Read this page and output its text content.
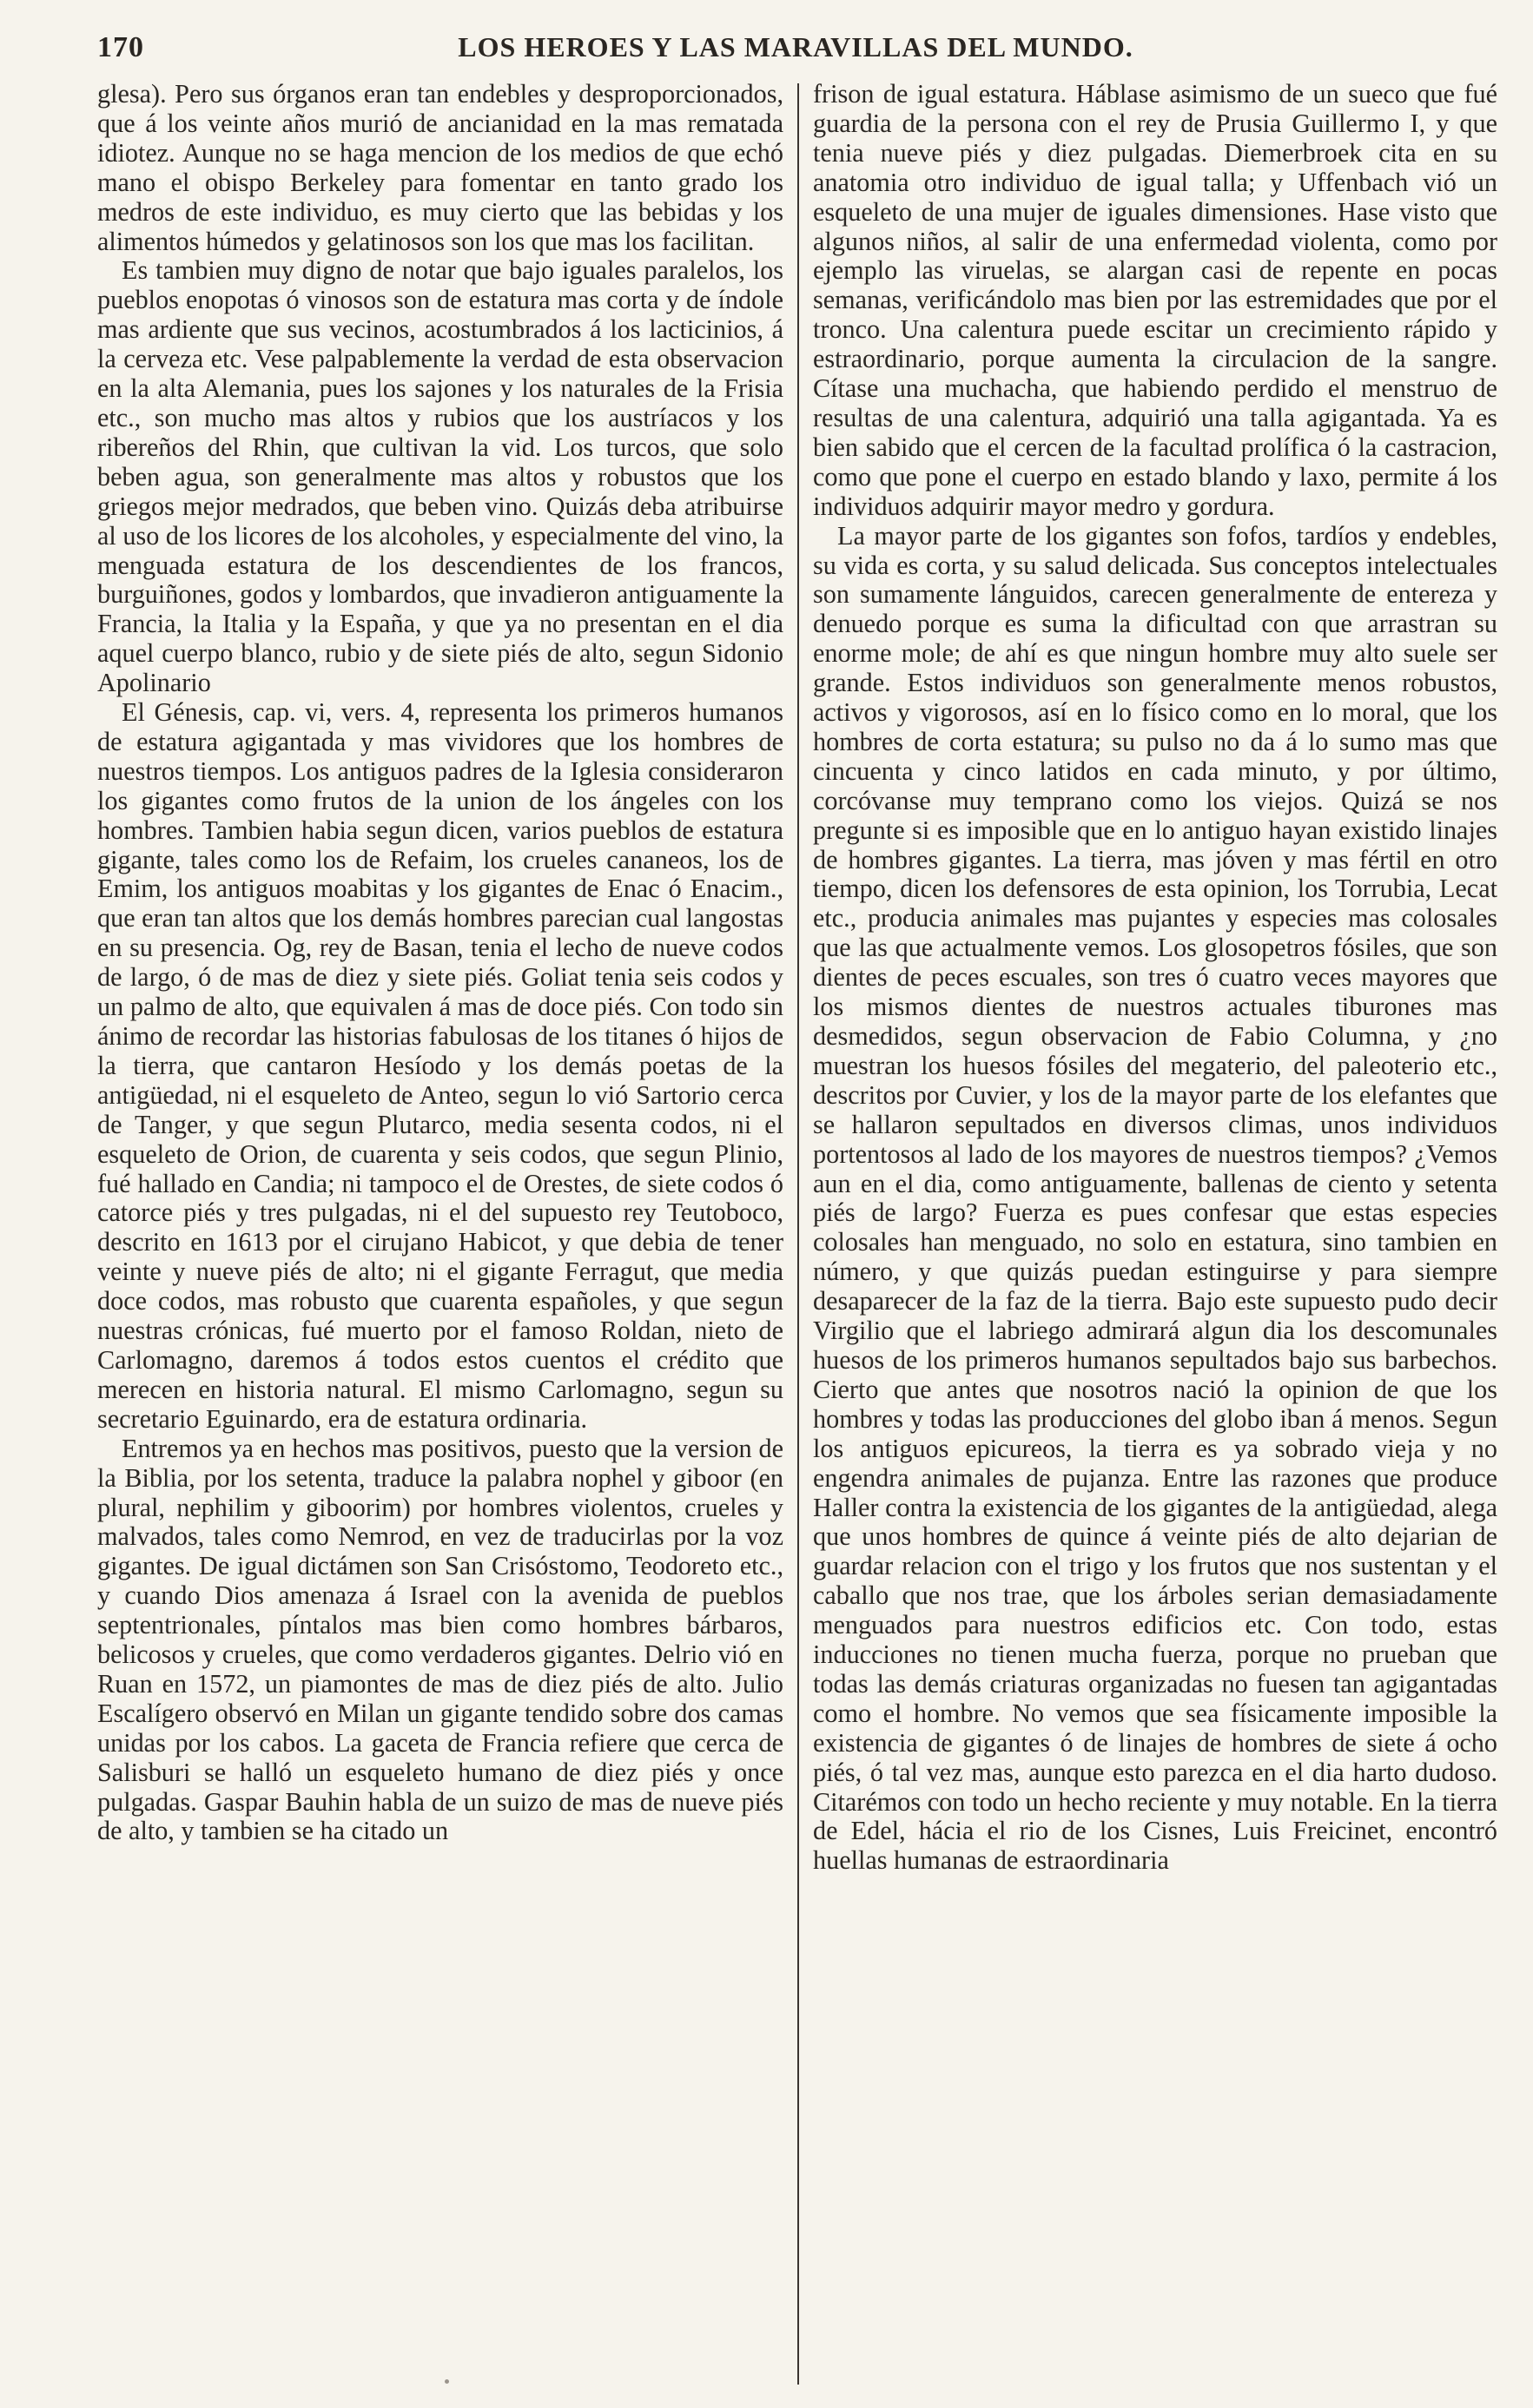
170	LOS HEROES Y LAS MARAVILLAS DEL MUNDO.

glesa). Pero sus órganos eran tan endebles y desproporcionados, que á los veinte años murió de ancianidad en la mas rematada idiotez. Aunque no se haga mencion de los medios de que echó mano el obispo Berkeley para fomentar en tanto grado los medros de este individuo, es muy cierto que las bebidas y los alimentos húmedos y gelatinosos son los que mas los facilitan.

Es tambien muy digno de notar que bajo iguales paralelos, los pueblos enopotas ó vinosos son de estatura mas corta y de índole mas ardiente que sus vecinos, acostumbrados á los lacticinios, á la cerveza etc. Vese palpablemente la verdad de esta observacion en la alta Alemania, pues los sajones y los naturales de la Frisia etc., son mucho mas altos y rubios que los austríacos y los ribereños del Rhin, que cultivan la vid. Los turcos, que solo beben agua, son generalmente mas altos y robustos que los griegos mejor medrados, que beben vino. Quizás deba atribuirse al uso de los licores de los alcoholes, y especialmente del vino, la menguada estatura de los descendientes de los francos, burguiñones, godos y lombardos, que invadieron antiguamente la Francia, la Italia y la España, y que ya no presentan en el dia aquel cuerpo blanco, rubio y de siete piés de alto, segun Sidonio Apolinario

El Génesis, cap. vi, vers. 4, representa los primeros humanos de estatura agigantada y mas vividores que los hombres de nuestros tiempos. Los antiguos padres de la Iglesia consideraron los gigantes como frutos de la union de los ángeles con los hombres. Tambien habia segun dicen, varios pueblos de estatura gigante, tales como los de Refaim, los crueles cananeos, los de Emim, los antiguos moabitas y los gigantes de Enac ó Enacim., que eran tan altos que los demás hombres parecian cual langostas en su presencia. Og, rey de Basan, tenia el lecho de nueve codos de largo, ó de mas de diez y siete piés. Goliat tenia seis codos y un palmo de alto, que equivalen á mas de doce piés. Con todo sin ánimo de recordar las historias fabulosas de los titanes ó hijos de la tierra, que cantaron Hesíodo y los demás poetas de la antigüedad, ni el esqueleto de Anteo, segun lo vió Sartorio cerca de Tanger, y que segun Plutarco, media sesenta codos, ni el esqueleto de Orion, de cuarenta y seis codos, que segun Plinio, fué hallado en Candia; ni tampoco el de Orestes, de siete codos ó catorce piés y tres pulgadas, ni el del supuesto rey Teutoboco, descrito en 1613 por el cirujano Habicot, y que debia de tener veinte y nueve piés de alto; ni el gigante Ferragut, que media doce codos, mas robusto que cuarenta españoles, y que segun nuestras crónicas, fué muerto por el famoso Roldan, nieto de Carlomagno, daremos á todos estos cuentos el crédito que merecen en historia natural. El mismo Carlomagno, segun su secretario Eguinardo, era de estatura ordinaria.

Entremos ya en hechos mas positivos, puesto que la version de la Biblia, por los setenta, traduce la palabra nophel y giboor (en plural, nephilim y giboorim) por hombres violentos, crueles y malvados, tales como Nemrod, en vez de traducirlas por la voz gigantes. De igual dictámen son San Crisóstomo, Teodoreto etc., y cuando Dios amenaza á Israel con la avenida de pueblos septentrionales, píntalos mas bien como hombres bárbaros, belicosos y crueles, que como verdaderos gigantes. Delrio vió en Ruan en 1572, un piamontes de mas de diez piés de alto. Julio Escalígero observó en Milan un gigante tendido sobre dos camas unidas por los cabos. La gaceta de Francia refiere que cerca de Salisburi se halló un esqueleto humano de diez piés y once pulgadas. Gaspar Bauhin habla de un suizo de mas de nueve piés de alto, y tambien se ha citado un

frison de igual estatura. Háblase asimismo de un sueco que fué guardia de la persona con el rey de Prusia Guillermo I, y que tenia nueve piés y diez pulgadas. Diemerbroek cita en su anatomia otro individuo de igual talla; y Uffenbach vió un esqueleto de una mujer de iguales dimensiones. Hase visto que algunos niños, al salir de una enfermedad violenta, como por ejemplo las viruelas, se alargan casi de repente en pocas semanas, verificándolo mas bien por las estremidades que por el tronco. Una calentura puede escitar un crecimiento rápido y estraordinario, porque aumenta la circulacion de la sangre. Cítase una muchacha, que habiendo perdido el menstruo de resultas de una calentura, adquirió una talla agigantada. Ya es bien sabido que el cercen de la facultad prolífica ó la castracion, como que pone el cuerpo en estado blando y laxo, permite á los individuos adquirir mayor medro y gordura.

La mayor parte de los gigantes son fofos, tardíos y endebles, su vida es corta, y su salud delicada. Sus conceptos intelectuales son sumamente lánguidos, carecen generalmente de entereza y denuedo porque es suma la dificultad con que arrastran su enorme mole; de ahí es que ningun hombre muy alto suele ser grande. Estos individuos son generalmente menos robustos, activos y vigorosos, así en lo físico como en lo moral, que los hombres de corta estatura; su pulso no da á lo sumo mas que cincuenta y cinco latidos en cada minuto, y por último, corcóvanse muy temprano como los viejos. Quizá se nos pregunte si es imposible que en lo antiguo hayan existido linajes de hombres gigantes. La tierra, mas jóven y mas fértil en otro tiempo, dicen los defensores de esta opinion, los Torrubia, Lecat etc., producia animales mas pujantes y especies mas colosales que las que actualmente vemos. Los glosopetros fósiles, que son dientes de peces escuales, son tres ó cuatro veces mayores que los mismos dientes de nuestros actuales tiburones mas desmedidos, segun observacion de Fabio Columna, y ¿no muestran los huesos fósiles del megaterio, del paleoterio etc., descritos por Cuvier, y los de la mayor parte de los elefantes que se hallaron sepultados en diversos climas, unos individuos portentosos al lado de los mayores de nuestros tiempos? ¿Vemos aun en el dia, como antiguamente, ballenas de ciento y setenta piés de largo? Fuerza es pues confesar que estas especies colosales han menguado, no solo en estatura, sino tambien en número, y que quizás puedan estinguirse y para siempre desaparecer de la faz de la tierra. Bajo este supuesto pudo decir Virgilio que el labriego admirará algun dia los descomunales huesos de los primeros humanos sepultados bajo sus barbechos. Cierto que antes que nosotros nació la opinion de que los hombres y todas las producciones del globo iban á menos. Segun los antiguos epicureos, la tierra es ya sobrado vieja y no engendra animales de pujanza. Entre las razones que produce Haller contra la existencia de los gigantes de la antigüedad, alega que unos hombres de quince á veinte piés de alto dejarian de guardar relacion con el trigo y los frutos que nos sustentan y el caballo que nos trae, que los árboles serian demasiadamente menguados para nuestros edificios etc. Con todo, estas inducciones no tienen mucha fuerza, porque no prueban que todas las demás criaturas organizadas no fuesen tan agigantadas como el hombre. No vemos que sea físicamente imposible la existencia de gigantes ó de linajes de hombres de siete á ocho piés, ó tal vez mas, aunque esto parezca en el dia harto dudoso. Citarémos con todo un hecho reciente y muy notable. En la tierra de Edel, hácia el rio de los Cisnes, Luis Freicinet, encontró huellas humanas de estraordinaria
